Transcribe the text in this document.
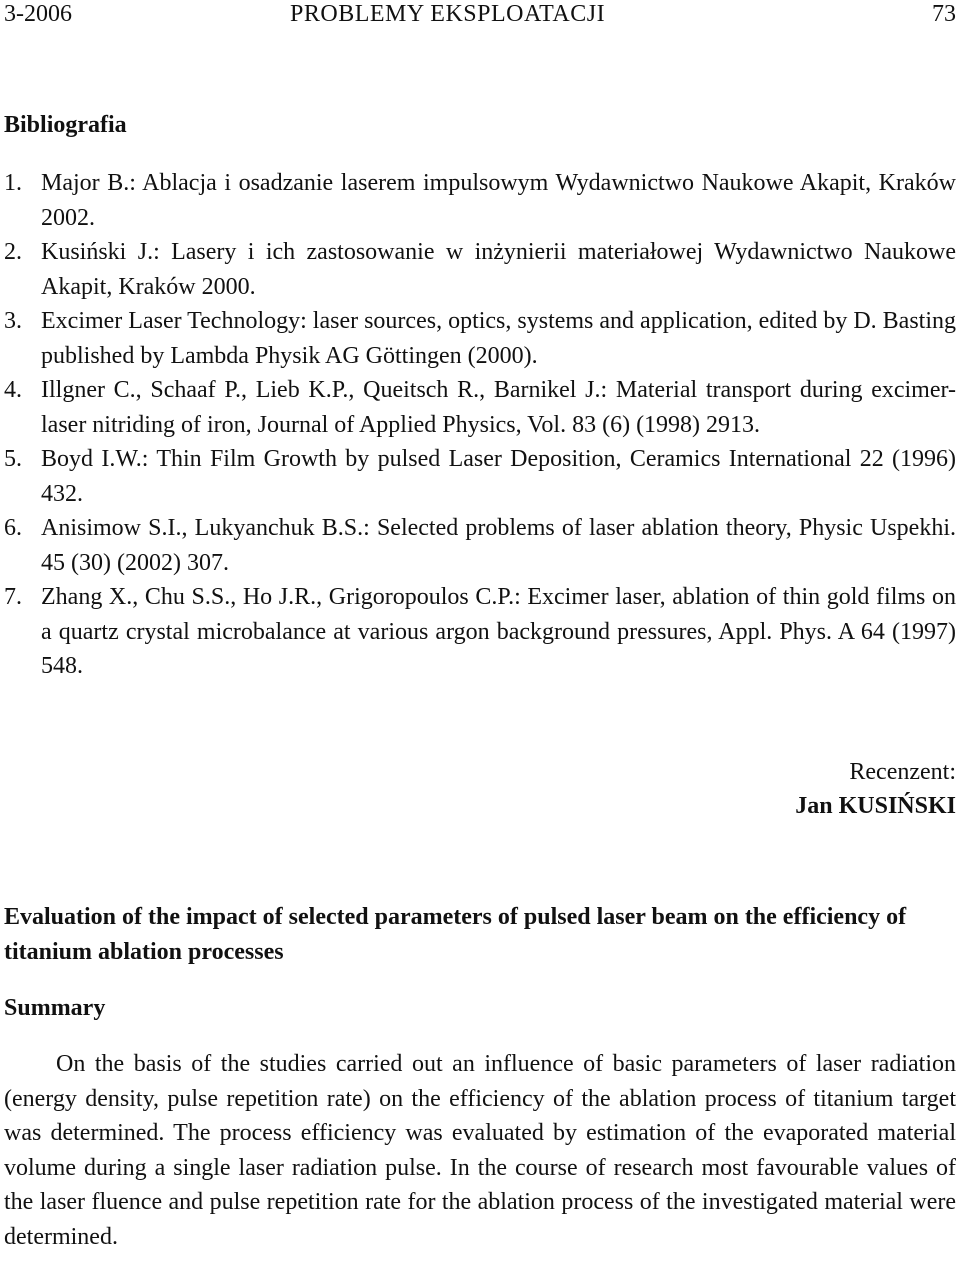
3-2006	PROBLEMY EKSPLOATACJI	73
Bibliografia
1. Major B.: Ablacja i osadzanie laserem impulsowym Wydawnictwo Naukowe Akapit, Kraków 2002.
2. Kusiński J.: Lasery i ich zastosowanie w inżynierii materiałowej Wydawnictwo Naukowe Akapit, Kraków 2000.
3. Excimer Laser Technology: laser sources, optics, systems and application, edited by D. Basting published by Lambda Physik AG Göttingen (2000).
4. Illgner C., Schaaf P., Lieb K.P., Queitsch R., Barnikel J.: Material transport during excimer-laser nitriding of iron, Journal of Applied Physics, Vol. 83 (6) (1998) 2913.
5. Boyd I.W.: Thin Film Growth by pulsed Laser Deposition, Ceramics International 22 (1996) 432.
6. Anisimow S.I., Lukyanchuk B.S.: Selected problems of laser ablation theory, Physic Uspekhi. 45 (30) (2002) 307.
7. Zhang X., Chu S.S., Ho J.R., Grigoropoulos C.P.: Excimer laser, ablation of thin gold films on a quartz crystal microbalance at various argon background pressures, Appl. Phys. A 64 (1997) 548.
Recenzent:
Jan KUSIŃSKI
Evaluation of the impact of selected parameters of pulsed laser beam on the efficiency of titanium ablation processes
Summary

On the basis of the studies carried out an influence of basic parameters of laser radiation (energy density, pulse repetition rate) on the efficiency of the ablation process of titanium target was determined. The process efficiency was evaluated by estimation of the evaporated material volume during a single laser radiation pulse. In the course of research most favourable values of the laser fluence and pulse repetition rate for the ablation process of the investigated material were determined.
